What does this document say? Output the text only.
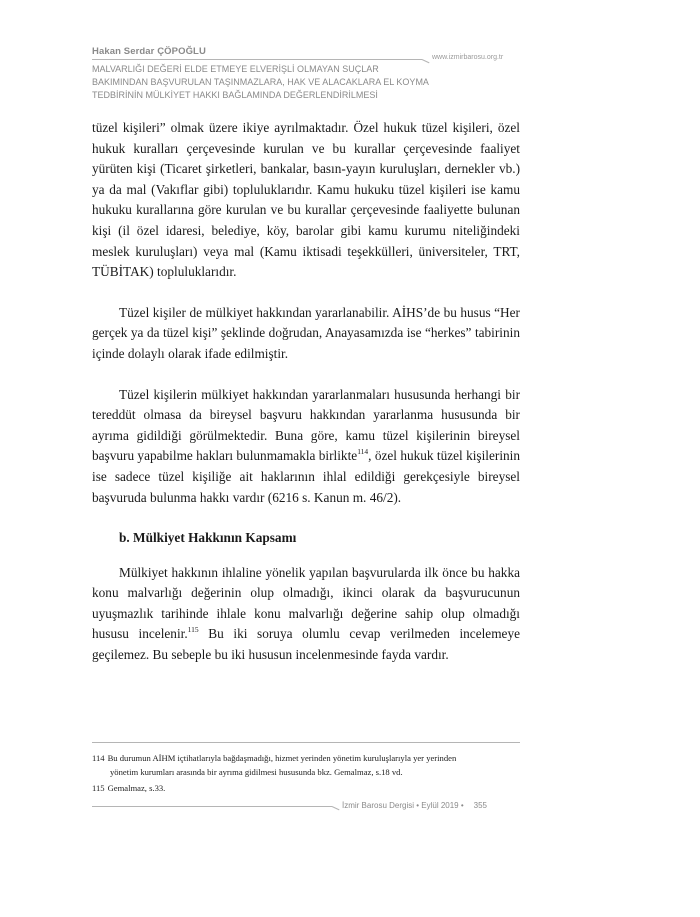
Hakan Serdar ÇÖPOĞLU
www.izmirbarosu.org.tr
MALVARLIĞI DEĞERİ ELDE ETMEYE ELVERİŞLİ OLMAYAN SUÇLAR
BAKIMINDAN BAŞVURULAN TAŞINMAZLARA, HAK VE ALACAKLARA EL KOYMA
TEDBİRİNİN MÜLKİYET HAKKI BAĞLAMINDA DEĞERLENDİRİLMESİ

tüzel kişileri” olmak üzere ikiye ayrılmaktadır. Özel hukuk tüzel kişileri, özel hukuk kuralları çerçevesinde kurulan ve bu kurallar çerçevesinde faaliyet yürüten kişi (Ticaret şirketleri, bankalar, basın-yayın kuruluşları, dernekler vb.) ya da mal (Vakıflar gibi) topluluklarıdır. Kamu hukuku tüzel kişileri ise kamu hukuku kurallarına göre kurulan ve bu kurallar çerçevesinde faaliyette bulunan kişi (il özel idaresi, belediye, köy, barolar gibi kamu kurumu niteliğindeki meslek kuruluşları) veya mal (Kamu iktisadi teşekkülleri, üniversiteler, TRT, TÜBİTAK) topluluklarıdır.

Tüzel kişiler de mülkiyet hakkından yararlanabilir. AİHS’de bu husus “Her gerçek ya da tüzel kişi” şeklinde doğrudan, Anayasamızda ise “herkes” tabirinin içinde dolaylı olarak ifade edilmiştir.

Tüzel kişilerin mülkiyet hakkından yararlanmaları hususunda herhangi bir tereddüt olmasa da bireysel başvuru hakkından yararlanma hususunda bir ayrıma gidildiği görülmektedir. Buna göre, kamu tüzel kişilerinin bireysel başvuru yapabilme hakları bulunmamakla birlikte$^{114}$, özel hukuk tüzel kişilerinin ise sadece tüzel kişiliğe ait haklarının ihlal edildiği gerekçesiyle bireysel başvuruda bulunma hakkı vardır (6216 s. Kanun m. 46/2).

b. Mülkiyet Hakkının Kapsamı

Mülkiyet hakkının ihlaline yönelik yapılan başvurularda ilk önce bu hakka konu malvarlığı değerinin olup olmadığı, ikinci olarak da başvurucunun uyuşmazlık tarihinde ihlale konu malvarlığı değerine sahip olup olmadığı hususu incelenir.$^{115}$ Bu iki soruya olumlu cevap verilmeden incelemeye geçilemez. Bu sebeple bu iki hususun incelenmesinde fayda vardır.

114 Bu durumun AİHM içtihatlarıyla bağdaşmadığı, hizmet yerinden yönetim kuruluşlarıyla yer yerinden
yönetim kurumları arasında bir ayrıma gidilmesi hususunda bkz. Gemalmaz, s.18 vd.
115 Gemalmaz, s.33.
İzmir Barosu Dergisi • Eylül 2019 • 355
